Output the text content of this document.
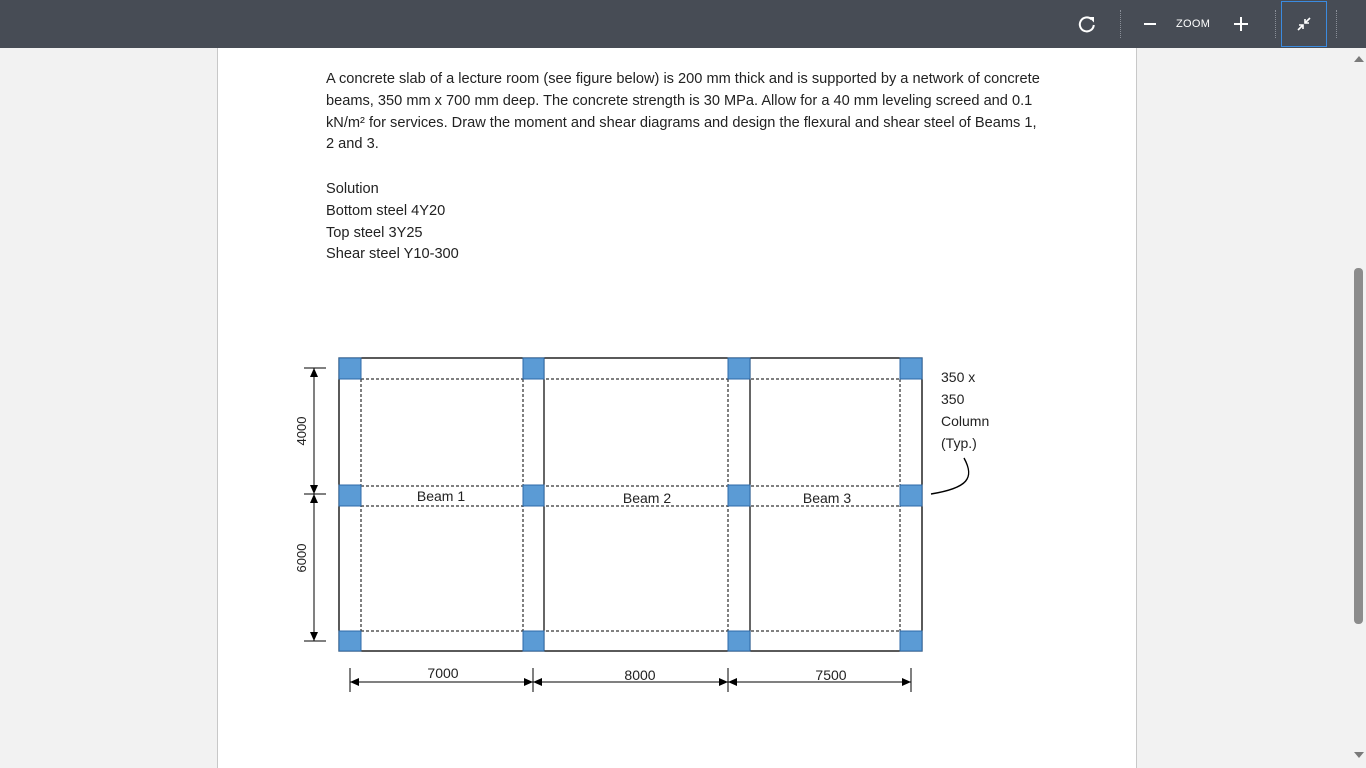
A concrete slab of a lecture room (see figure below) is 200 mm thick and is supported by a network of concrete beams, 350 mm x 700 mm deep. The concrete strength is 30 MPa. Allow for a 40 mm leveling screed and 0.1 kN/m² for services. Draw the moment and shear diagrams and design the flexural and shear steel of Beams 1, 2 and 3.

Solution
Bottom steel 4Y20
Top steel 3Y25
Shear steel Y10-300
Beam 1	Beam 2	Beam 3
350 x
350
Column
(Typ.)
4000
6000
7000	8000	7500
ZOOM
